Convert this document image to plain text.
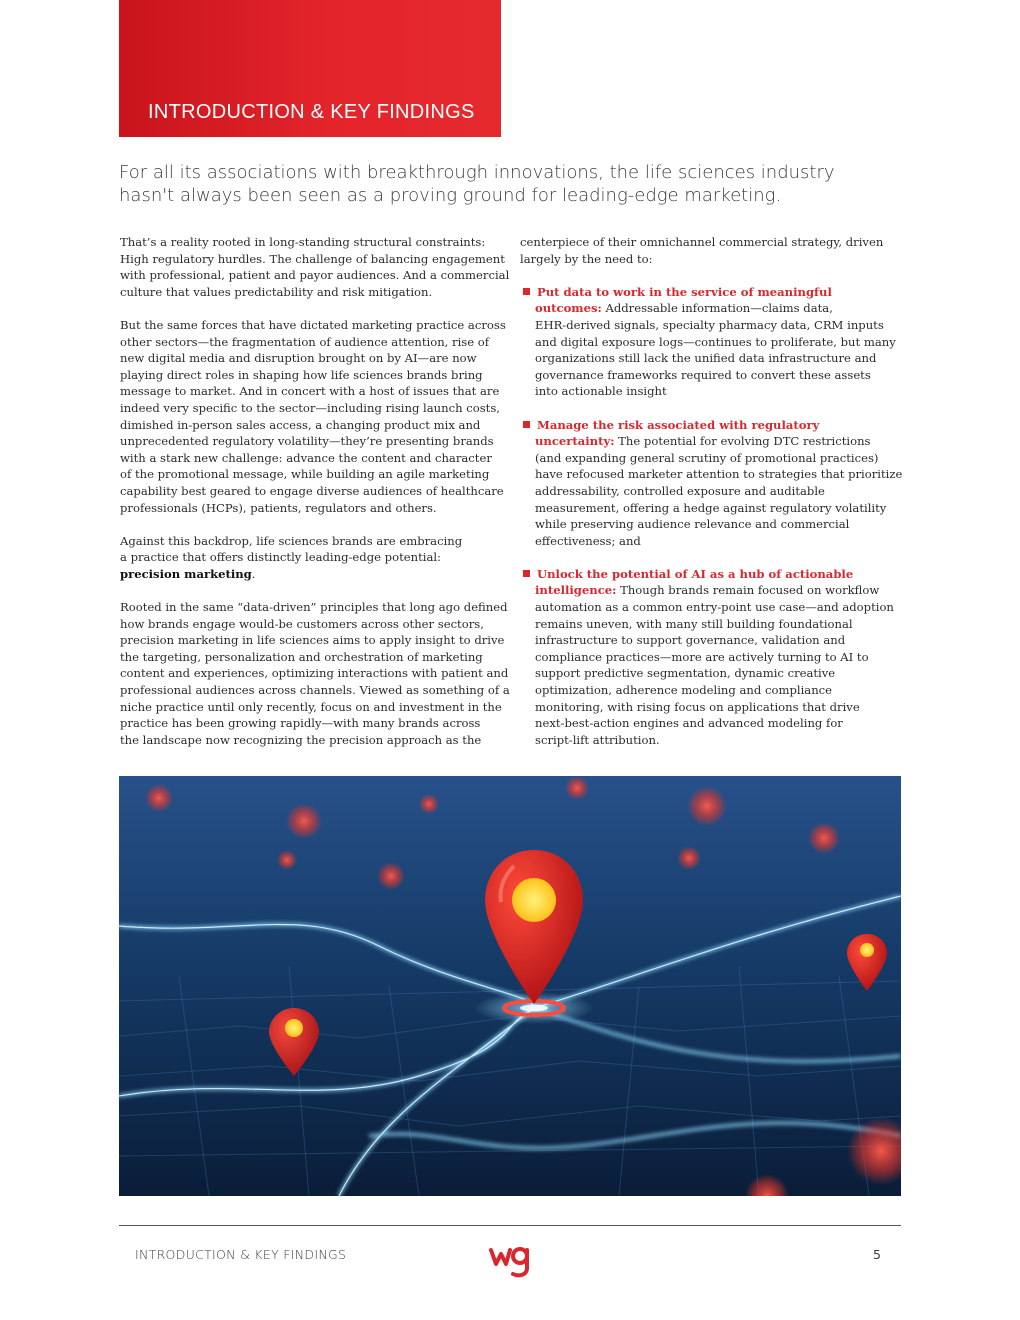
INTRODUCTION & KEY FINDINGS
For all its associations with breakthrough innovations, the life sciences industry
hasn't always been seen as a proving ground for leading-edge marketing.
That’s a reality rooted in long-standing structural constraints:
High regulatory hurdles. The challenge of balancing engagement
with professional, patient and payor audiences. And a commercial
culture that values predictability and risk mitigation.
But the same forces that have dictated marketing practice across
other sectors—the fragmentation of audience attention, rise of
new digital media and disruption brought on by AI—are now
playing direct roles in shaping how life sciences brands bring
message to market. And in concert with a host of issues that are
indeed very specific to the sector—including rising launch costs,
dimished in-person sales access, a changing product mix and
unprecedented regulatory volatility—they’re presenting brands
with a stark new challenge: advance the content and character
of the promotional message, while building an agile marketing
capability best geared to engage diverse audiences of healthcare
professionals (HCPs), patients, regulators and others.
Against this backdrop, life sciences brands are embracing
a practice that offers distinctly leading-edge potential:
precision marketing.
Rooted in the same “data-driven” principles that long ago defined
how brands engage would-be customers across other sectors,
precision marketing in life sciences aims to apply insight to drive
the targeting, personalization and orchestration of marketing
content and experiences, optimizing interactions with patient and
professional audiences across channels. Viewed as something of a
niche practice until only recently, focus on and investment in the
practice has been growing rapidly—with many brands across
the landscape now recognizing the precision approach as the
centerpiece of their omnichannel commercial strategy, driven
largely by the need to:
Put data to work in the service of meaningful
outcomes: Addressable information—claims data,
EHR-derived signals, specialty pharmacy data, CRM inputs
and digital exposure logs—continues to proliferate, but many
organizations still lack the unified data infrastructure and
governance frameworks required to convert these assets
into actionable insight
Manage the risk associated with regulatory
uncertainty: The potential for evolving DTC restrictions
(and expanding general scrutiny of promotional practices)
have refocused marketer attention to strategies that prioritize
addressability, controlled exposure and auditable
measurement, offering a hedge against regulatory volatility
while preserving audience relevance and commercial
effectiveness; and
Unlock the potential of AI as a hub of actionable
intelligence: Though brands remain focused on workflow
automation as a common entry-point use case—and adoption
remains uneven, with many still building foundational
infrastructure to support governance, validation and
compliance practices—more are actively turning to AI to
support predictive segmentation, dynamic creative
optimization, adherence modeling and compliance
monitoring, with rising focus on applications that drive
next-best-action engines and advanced modeling for
script-lift attribution.
INTRODUCTION & KEY FINDINGS	5
